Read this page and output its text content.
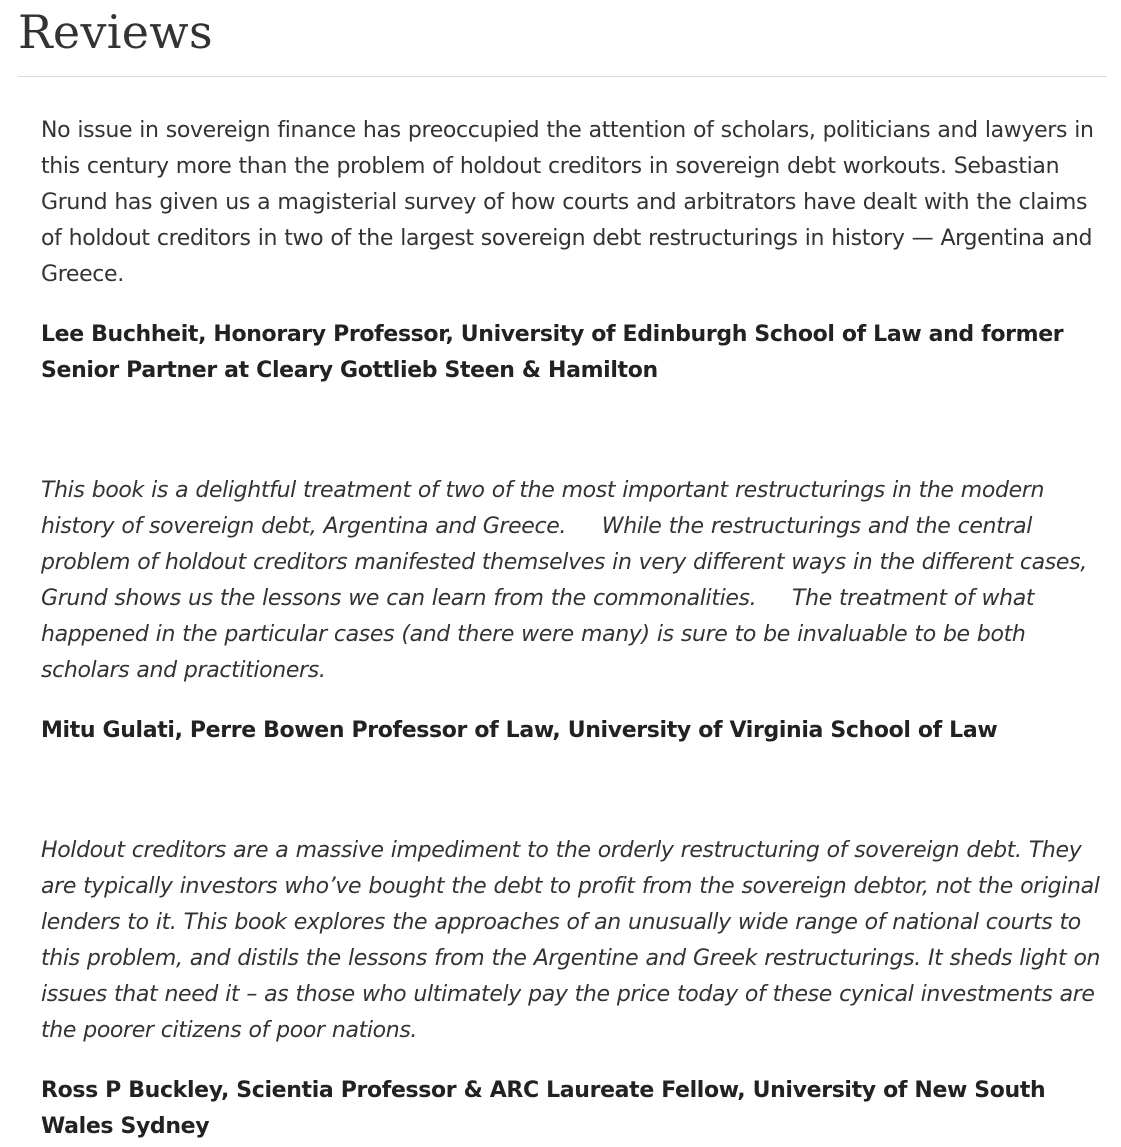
Reviews

No issue in sovereign finance has preoccupied the attention of scholars, politicians and lawyers in this century more than the problem of holdout creditors in sovereign debt workouts. Sebastian Grund has given us a magisterial survey of how courts and arbitrators have dealt with the claims of holdout creditors in two of the largest sovereign debt restructurings in history — Argentina and Greece.

Lee Buchheit, Honorary Professor, University of Edinburgh School of Law and former Senior Partner at Cleary Gottlieb Steen & Hamilton

This book is a delightful treatment of two of the most important restructurings in the modern history of sovereign debt, Argentina and Greece.     While the restructurings and the central problem of holdout creditors manifested themselves in very different ways in the different cases, Grund shows us the lessons we can learn from the commonalities.     The treatment of what happened in the particular cases (and there were many) is sure to be invaluable to be both scholars and practitioners.

Mitu Gulati, Perre Bowen Professor of Law, University of Virginia School of Law

Holdout creditors are a massive impediment to the orderly restructuring of sovereign debt. They are typically investors who’ve bought the debt to profit from the sovereign debtor, not the original lenders to it. This book explores the approaches of an unusually wide range of national courts to this problem, and distils the lessons from the Argentine and Greek restructurings. It sheds light on issues that need it – as those who ultimately pay the price today of these cynical investments are the poorer citizens of poor nations.

Ross P Buckley, Scientia Professor & ARC Laureate Fellow, University of New South Wales Sydney
